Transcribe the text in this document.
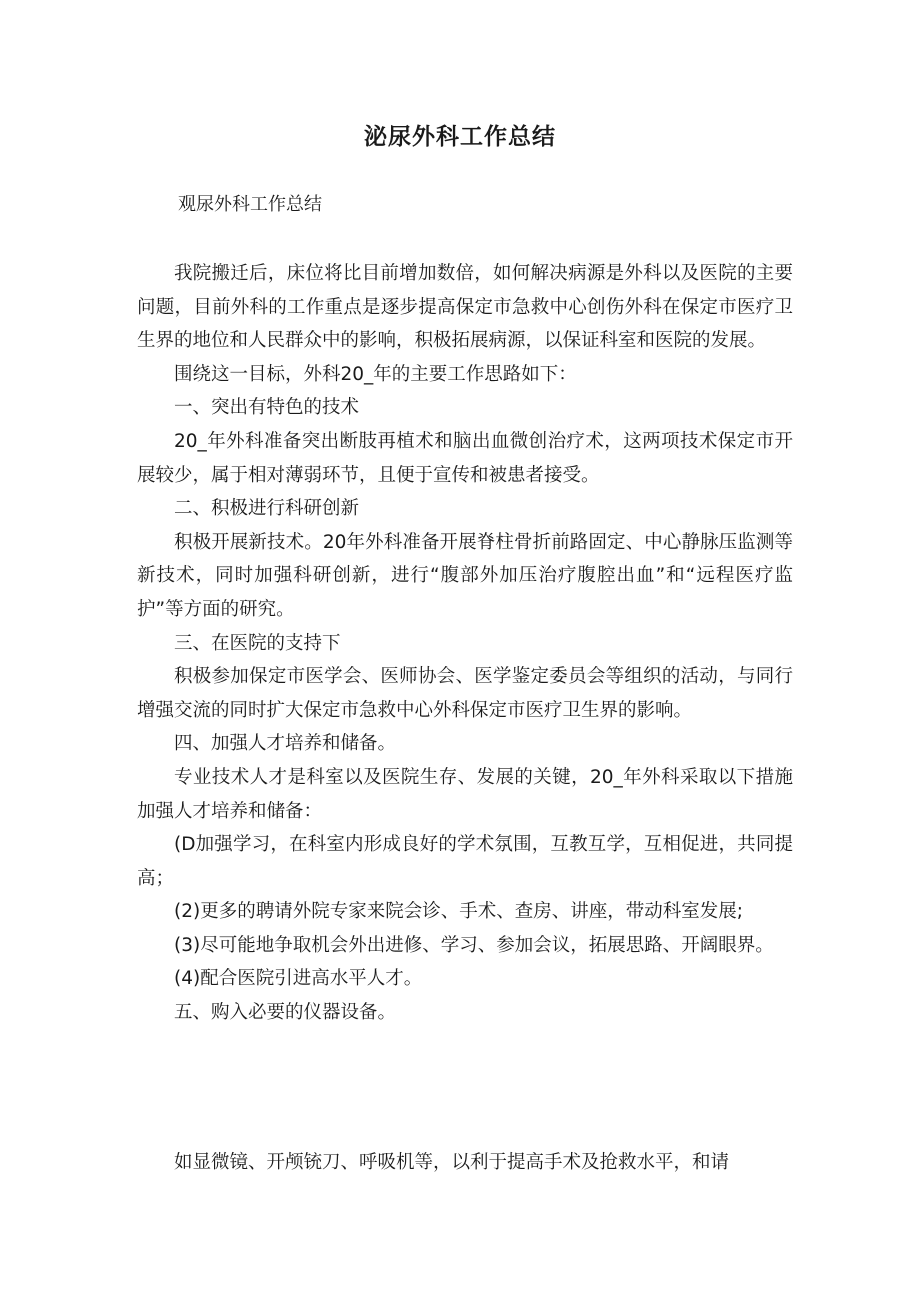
泌尿外科工作总结
观尿外科工作总结

我院搬迁后，床位将比目前增加数倍，如何解决病源是外科以及医院的主要问题，目前外科的工作重点是逐步提高保定市急救中心创伤外科在保定市医疗卫生界的地位和人民群众中的影响，积极拓展病源，以保证科室和医院的发展。

围绕这一目标，外科20_年的主要工作思路如下：

一、突出有特色的技术

20_年外科准备突出断肢再植术和脑出血微创治疗术，这两项技术保定市开展较少，属于相对薄弱环节，且便于宣传和被患者接受。

二、积极进行科研创新

积极开展新技术。20年外科准备开展脊柱骨折前路固定、中心静脉压监测等新技术，同时加强科研创新，进行“腹部外加压治疗腹腔出血”和“远程医疗监护”等方面的研究。

三、在医院的支持下

积极参加保定市医学会、医师协会、医学鉴定委员会等组织的活动，与同行增强交流的同时扩大保定市急救中心外科保定市医疗卫生界的影响。

四、加强人才培养和储备。

专业技术人才是科室以及医院生存、发展的关键，20_年外科采取以下措施加强人才培养和储备：

(D加强学习，在科室内形成良好的学术氛围，互教互学，互相促进，共同提高；

(2)更多的聘请外院专家来院会诊、手术、查房、讲座，带动科室发展;

(3)尽可能地争取机会外出进修、学习、参加会议，拓展思路、开阔眼界。

(4)配合医院引进高水平人才。

五、购入必要的仪器设备。

如显微镜、开颅铳刀、呼吸机等，以利于提高手术及抢救水平，和请
